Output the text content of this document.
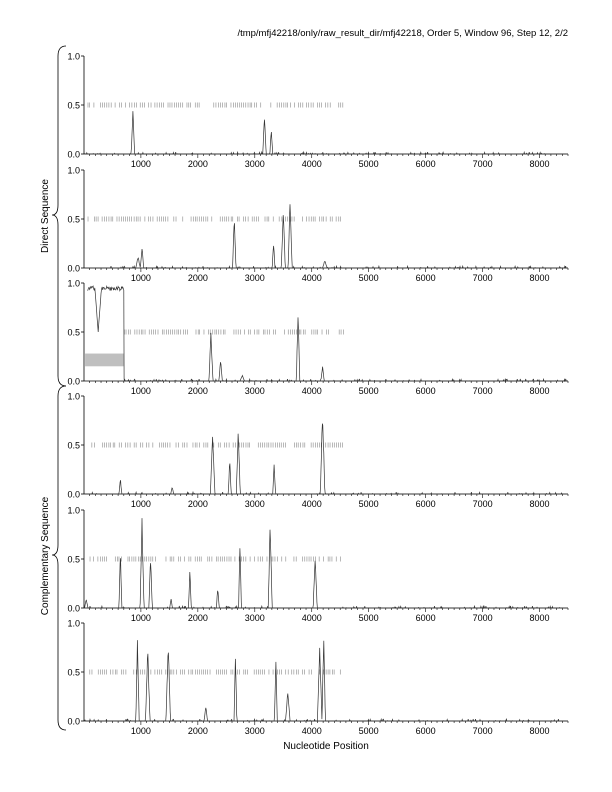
/tmp/mfj42218/only/raw_result_dir/mfj42218, Order 5, Window 96, Step 12, 2/2
Direct Sequence
Complementary Sequence
0.0
0.5
1.0
1000	2000	3000	4000	5000	6000	7000	8000
0.0
0.5
1.0
1000	2000	3000	4000	5000	6000	7000	8000
0.0
0.5
1.0
1000	2000	3000	4000	5000	6000	7000	8000
0.0
0.5
1.0
1000	2000	3000	4000	5000	6000	7000	8000
0.0
0.5
1.0
1000	2000	3000	4000	5000	6000	7000	8000
0.0
0.5
1.0
1000	2000	3000	4000	5000	6000	7000	8000
Nucleotide Position
